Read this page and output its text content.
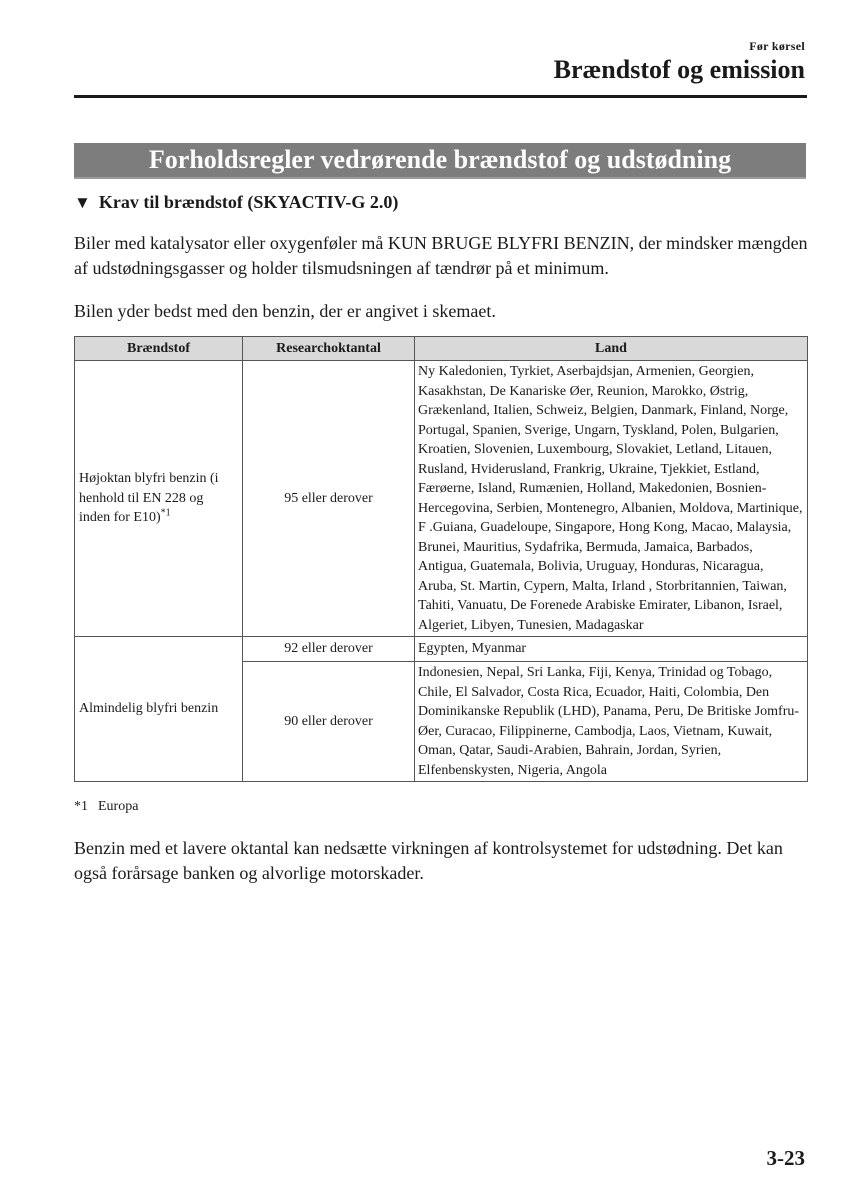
Før kørsel
Brændstof og emission
Forholdsregler vedrørende brændstof og udstødning
▼ Krav til brændstof (SKYACTIV-G 2.0)
Biler med katalysator eller oxygenføler må KUN BRUGE BLYFRI BENZIN, der mindsker mængden af udstødningsgasser og holder tilsmudsningen af tændrør på et minimum.
Bilen yder bedst med den benzin, der er angivet i skemaet.
Brændstof	Researchoktantal	Land
Højoktan blyfri benzin (i henhold til EN 228 og inden for E10)$^{*1}$	95 eller derover	Ny Kaledonien, Tyrkiet, Aserbajdsjan, Armenien, Georgien, Kasakhstan, De Kanariske Øer, Reunion, Marokko, Østrig, Grækenland, Italien, Schweiz, Belgien, Danmark, Finland, Norge, Portugal, Spanien, Sverige, Ungarn, Tyskland, Polen, Bulgarien, Kroatien, Slovenien, Luxembourg, Slovakiet, Letland, Litauen, Rusland, Hviderusland, Frankrig, Ukraine, Tjekkiet, Estland, Færøerne, Island, Rumænien, Holland, Makedonien, Bosnien-Hercegovina, Serbien, Montenegro, Albanien, Moldova, Martinique, F .Guiana, Guadeloupe, Singapore, Hong Kong, Macao, Malaysia, Brunei, Mauritius, Sydafrika, Bermuda, Jamaica, Barbados, Antigua, Guatemala, Bolivia, Uruguay, Honduras, Nicaragua, Aruba, St. Martin, Cypern, Malta, Irland , Storbritannien, Taiwan, Tahiti, Vanuatu, De Forenede Arabiske Emirater, Libanon, Israel, Algeriet, Libyen, Tunesien, Madagaskar
Almindelig blyfri benzin	92 eller derover	Egypten, Myanmar
	90 eller derover	Indonesien, Nepal, Sri Lanka, Fiji, Kenya, Trinidad og Tobago, Chile, El Salvador, Costa Rica, Ecuador, Haiti, Colombia, Den Dominikanske Republik (LHD), Panama, Peru, De Britiske Jomfru-Øer, Curacao, Filippinerne, Cambodja, Laos, Vietnam, Kuwait, Oman, Qatar, Saudi-Arabien, Bahrain, Jordan, Syrien, Elfenbenskysten, Nigeria, Angola
*1 Europa
Benzin med et lavere oktantal kan nedsætte virkningen af kontrolsystemet for udstødning. Det kan også forårsage banken og alvorlige motorskader.
3-23
